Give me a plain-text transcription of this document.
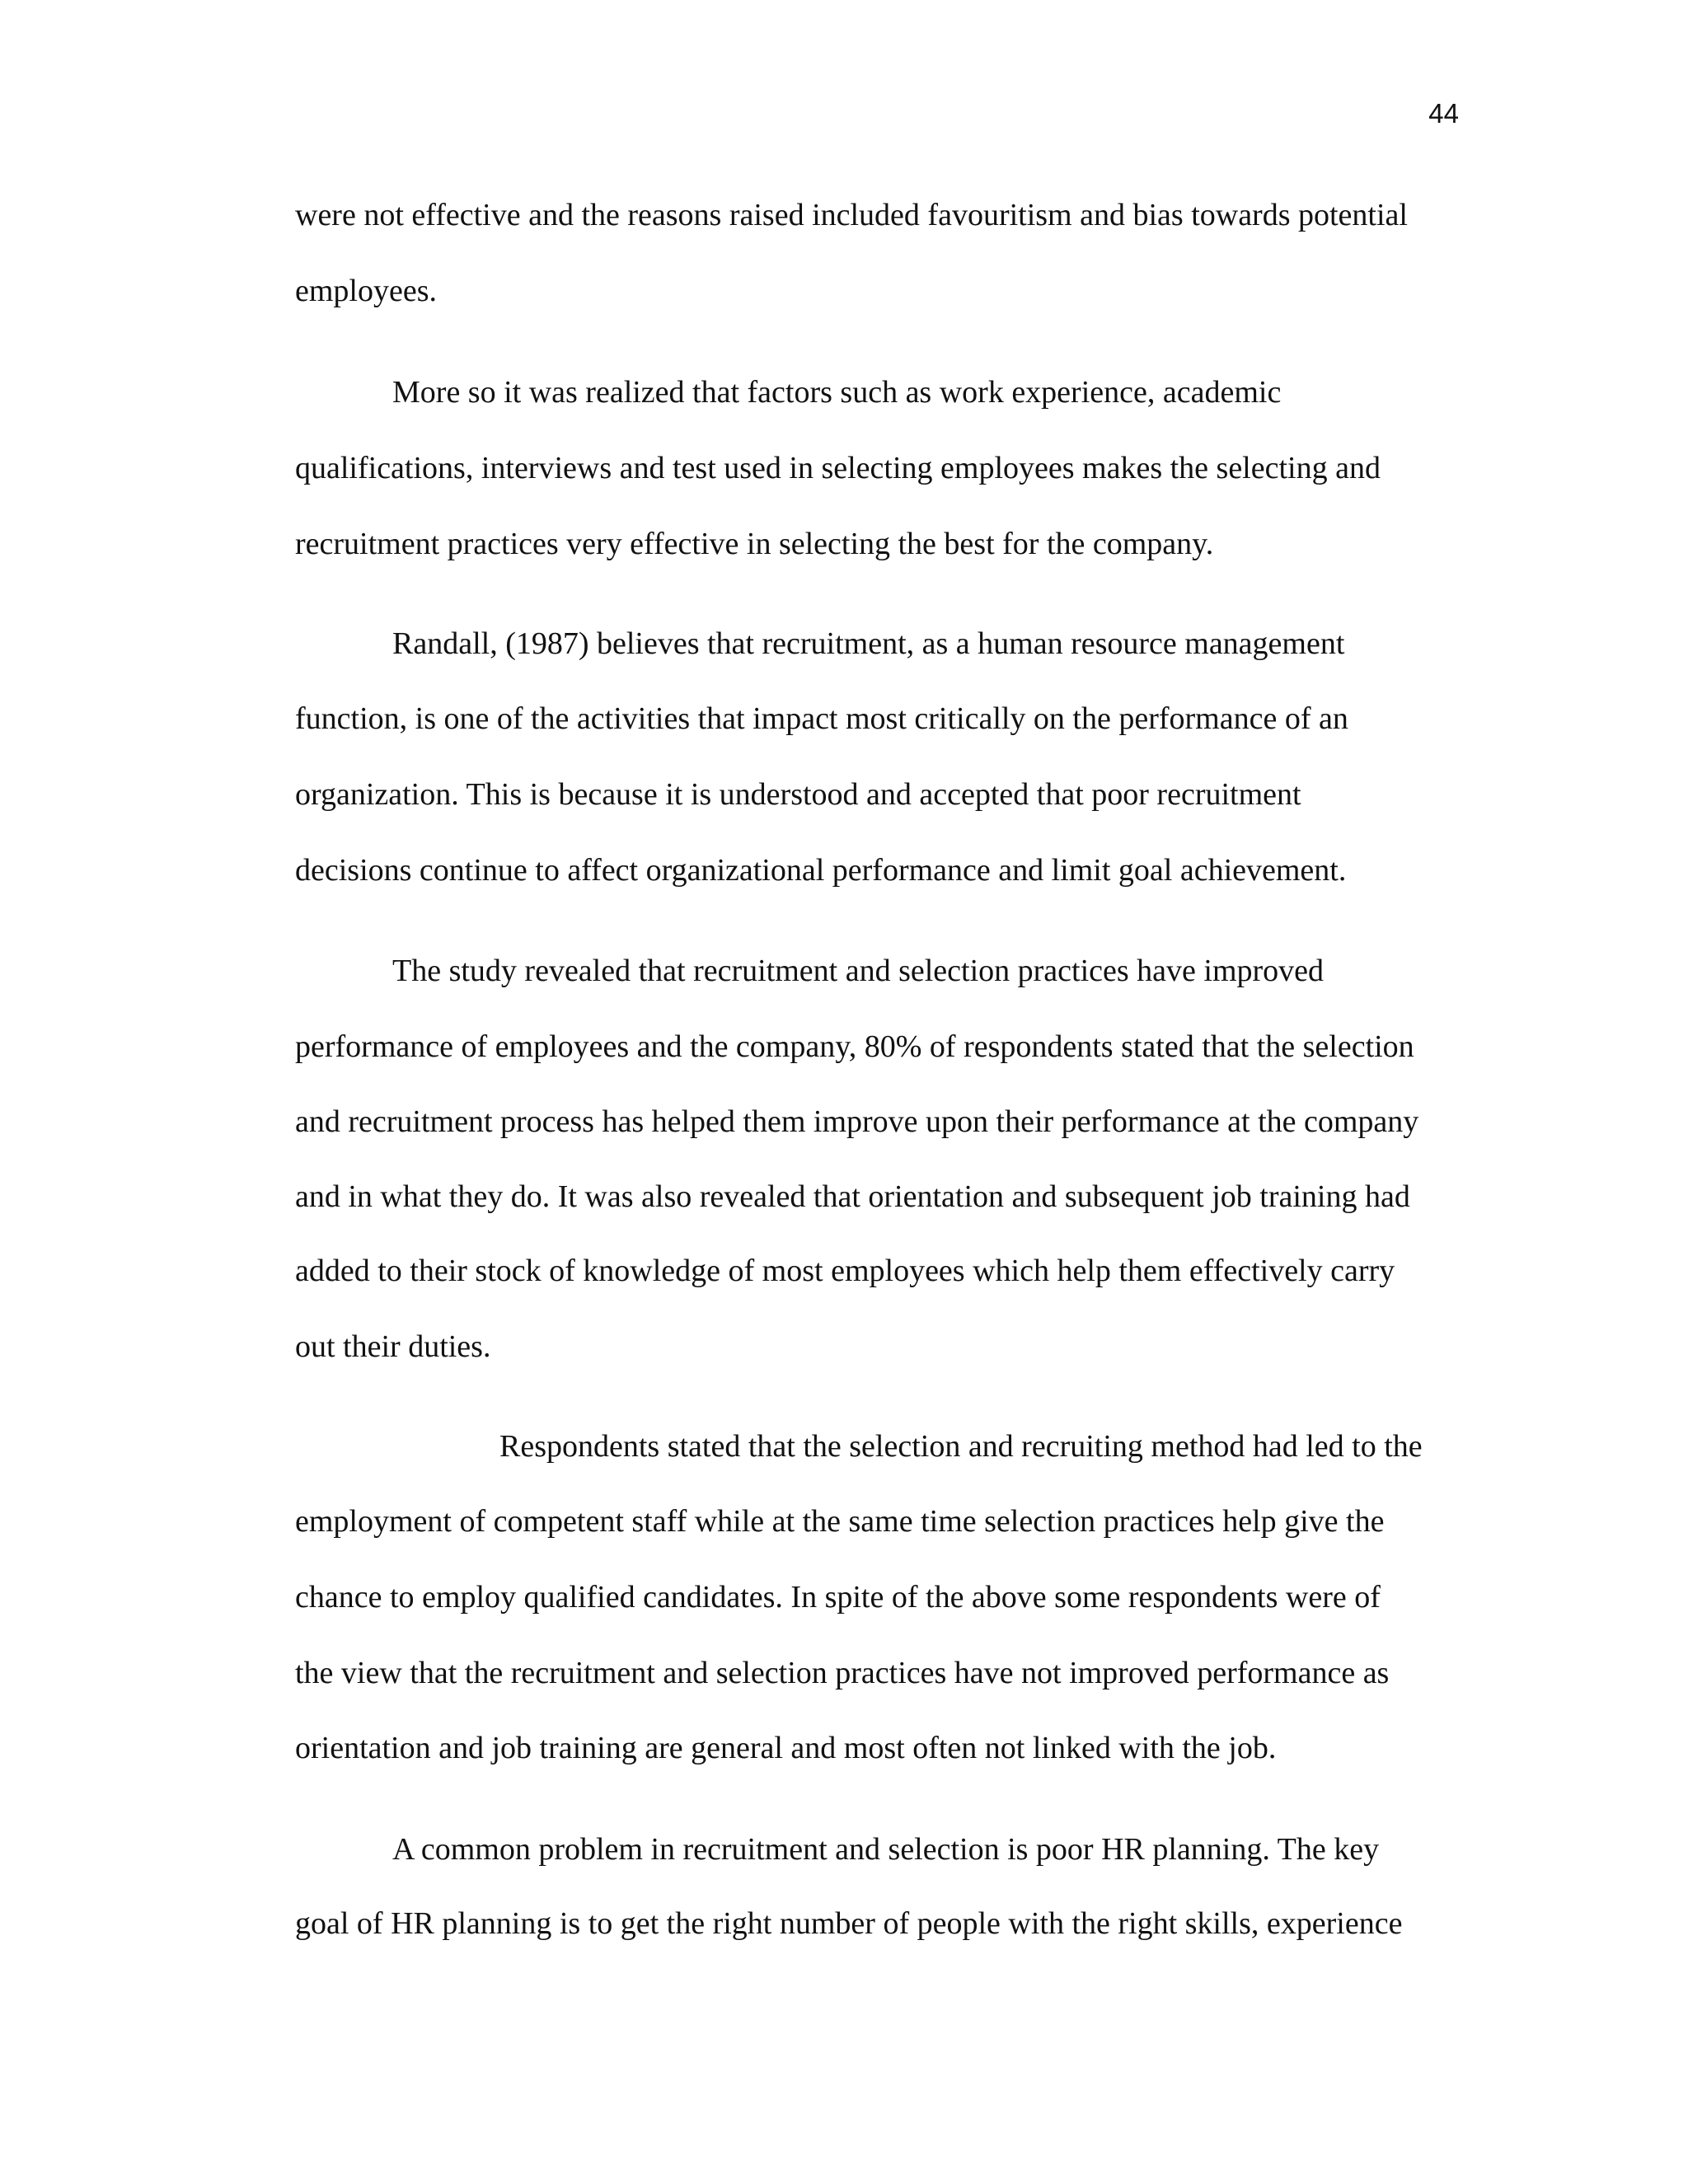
44
were not effective and the reasons raised included favouritism and bias towards potential
employees.
More so it was realized that factors such as work experience, academic
qualifications, interviews and test used in selecting employees makes the selecting and
recruitment practices very effective in selecting the best for the company.
Randall, (1987) believes that recruitment, as a human resource management
function, is one of the activities that impact most critically on the performance of an
organization. This is because it is understood and accepted that poor recruitment
decisions continue to affect organizational performance and limit goal achievement.
The study revealed that recruitment and selection practices have improved
performance of employees and the company, 80% of respondents stated that the selection
and recruitment process has helped them improve upon their performance at the company
and in what they do. It was also revealed that orientation and subsequent job training had
added to their stock of knowledge of most employees which help them effectively carry
out their duties.
Respondents stated that the selection and recruiting method had led to the
employment of competent staff while at the same time selection practices help give the
chance to employ qualified candidates. In spite of the above some respondents were of
the view that the recruitment and selection practices have not improved performance as
orientation and job training are general and most often not linked with the job.
A common problem in recruitment and selection is poor HR planning. The key
goal of HR planning is to get the right number of people with the right skills, experience
